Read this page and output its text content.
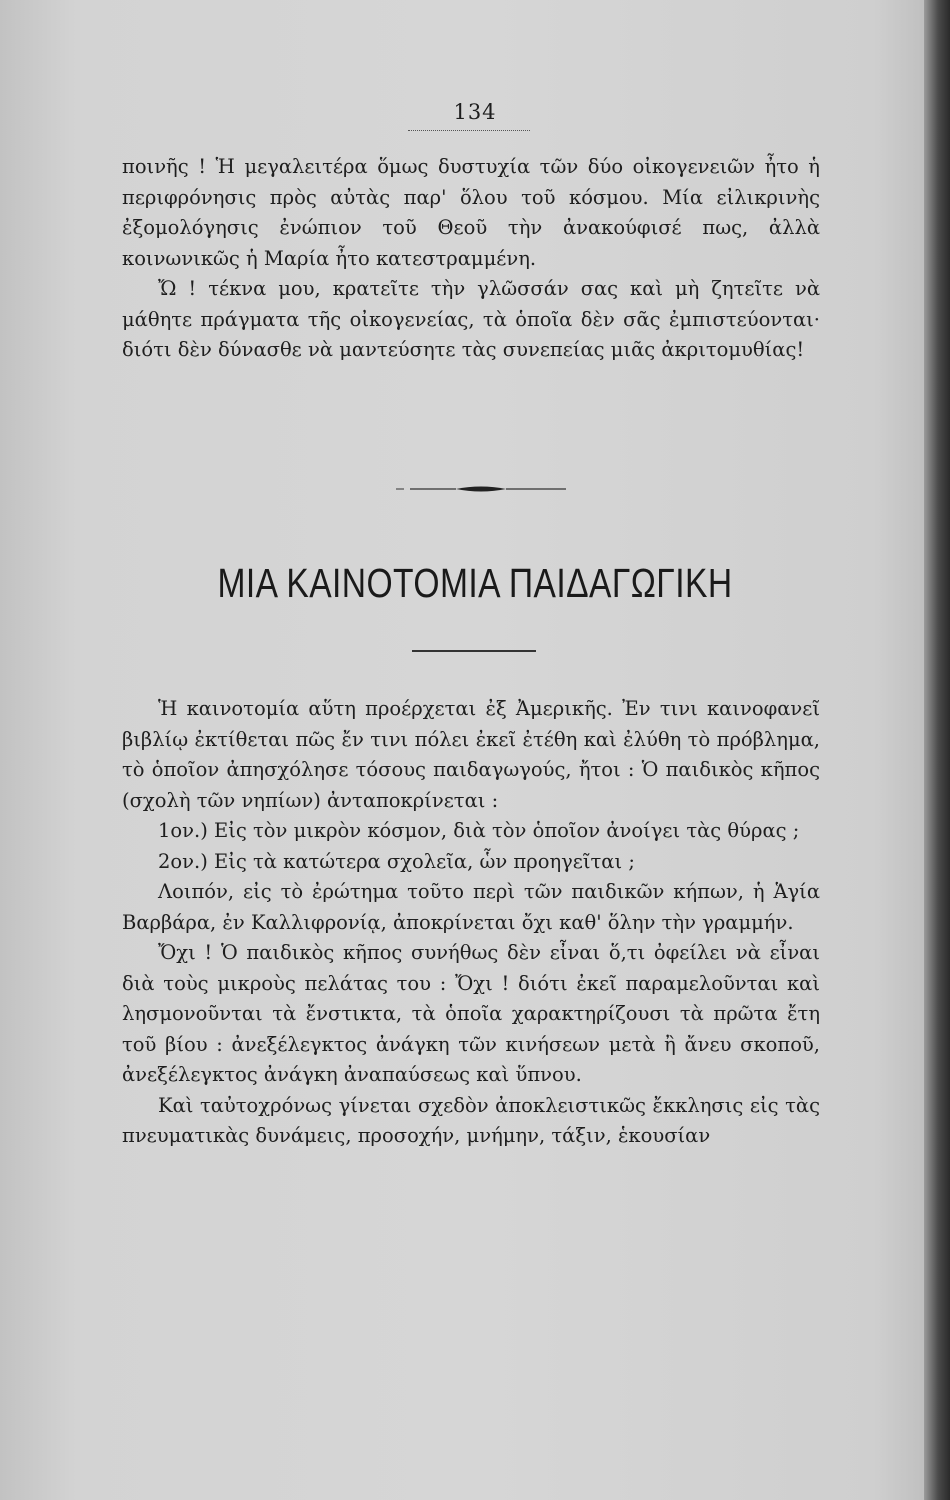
134

ποινῆς ! Ἡ μεγαλειτέρα ὅμως δυστυχία τῶν δύο οἰκογενειῶν ἦτο ἡ περιφρόνησις πρὸς αὐτὰς παρ' ὅλου τοῦ κόσμου. Μία εἰλικρινὴς ἐξομολόγησις ἐνώπιον τοῦ Θεοῦ τὴν ἀνακούφισέ πως, ἀλλὰ κοινωνικῶς ἡ Μαρία ἦτο κατεστραμμένη.

Ὤ ! τέκνα μου, κρατεῖτε τὴν γλῶσσάν σας καὶ μὴ ζητεῖτε νὰ μάθητε πράγματα τῆς οἰκογενείας, τὰ ὁποῖα δὲν σᾶς ἐμπιστεύονται· διότι δὲν δύνασθε νὰ μαντεύσητε τὰς συνεπείας μιᾶς ἀκριτομυθίας!

ΜΙΑ ΚΑΙΝΟΤΟΜΙΑ ΠΑΙΔΑΓΩΓΙΚΗ

Ἡ καινοτομία αὕτη προέρχεται ἐξ Ἀμερικῆς. Ἐν τινι καινοφανεῖ βιβλίῳ ἐκτίθεται πῶς ἔν τινι πόλει ἐκεῖ ἐτέθη καὶ ἐλύθη τὸ πρόβλημα, τὸ ὁποῖον ἀπησχόλησε τόσους παιδαγωγούς, ἤτοι : Ὁ παιδικὸς κῆπος (σχολὴ τῶν νηπίων) ἀνταποκρίνεται :

1ον.) Εἰς τὸν μικρὸν κόσμον, διὰ τὸν ὁποῖον ἀνοίγει τὰς θύρας ;

2ον.) Εἰς τὰ κατώτερα σχολεῖα, ὧν προηγεῖται ;

Λοιπόν, εἰς τὸ ἐρώτημα τοῦτο περὶ τῶν παιδικῶν κήπων, ἡ Ἁγία Βαρβάρα, ἐν Καλλιφρονίᾳ, ἀποκρίνεται ὄχι καθ' ὅλην τὴν γραμμήν.

Ὄχι ! Ὁ παιδικὸς κῆπος συνήθως δὲν εἶναι ὅ,τι ὀφείλει νὰ εἶναι διὰ τοὺς μικροὺς πελάτας του : Ὄχι ! διότι ἐκεῖ παραμελοῦνται καὶ λησμονοῦνται τὰ ἔνστικτα, τὰ ὁποῖα χαρακτηρίζουσι τὰ πρῶτα ἔτη τοῦ βίου : ἀνεξέλεγκτος ἀνάγκη τῶν κινήσεων μετὰ ἢ ἄνευ σκοποῦ, ἀνεξέλεγκτος ἀνάγκη ἀναπαύσεως καὶ ὕπνου.

Καὶ ταὐτοχρόνως γίνεται σχεδὸν ἀποκλειστικῶς ἔκκλησις εἰς τὰς πνευματικὰς δυνάμεις, προσοχήν, μνήμην, τάξιν, ἑκουσίαν
